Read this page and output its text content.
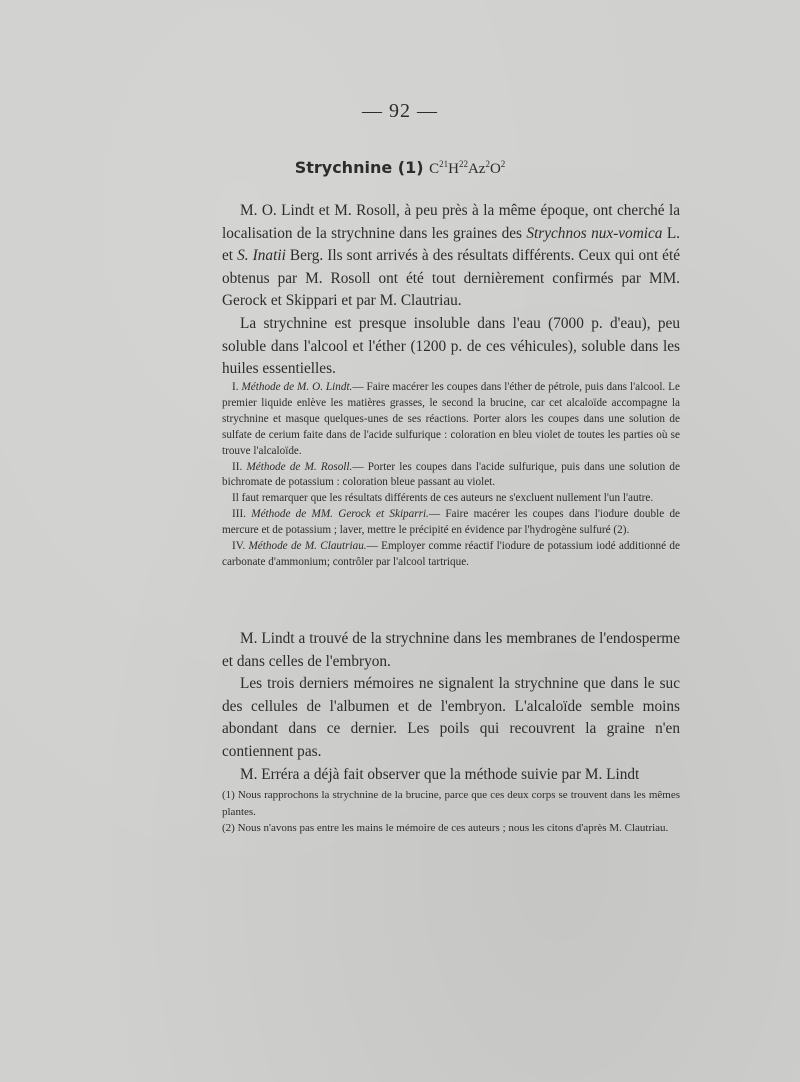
— 92 —
Strychnine (1) $C^{21}H^{22}Az^2O^2$

M. O. Lindt et M. Rosoll, à peu près à la même époque, ont cherché la localisation de la strychnine dans les graines des Strychnos nux-vomica L. et S. Inatii Berg. Ils sont arrivés à des résultats différents. Ceux qui ont été obtenus par M. Rosoll ont été tout dernièrement confirmés par MM. Gerock et Skippari et par M. Clautriau.

La strychnine est presque insoluble dans l'eau (7000 p. d'eau), peu soluble dans l'alcool et l'éther (1200 p. de ces véhicules), soluble dans les huiles essentielles.

I. Méthode de M. O. Lindt.— Faire macérer les coupes dans l'éther de pétrole, puis dans l'alcool. Le premier liquide enlève les matières grasses, le second la brucine, car cet alcaloïde accompagne la strychnine et masque quelques-unes de ses réactions. Porter alors les coupes dans une solution de sulfate de cerium faite dans de l'acide sulfurique : coloration en bleu violet de toutes les parties où se trouve l'alcaloïde.

II. Méthode de M. Rosoll.— Porter les coupes dans l'acide sulfurique, puis dans une solution de bichromate de potassium : coloration bleue passant au violet.

Il faut remarquer que les résultats différents de ces auteurs ne s'excluent nullement l'un l'autre.

III. Méthode de MM. Gerock et Skiparri.— Faire macérer les coupes dans l'iodure double de mercure et de potassium ; laver, mettre le précipité en évidence par l'hydrogène sulfuré (2).

IV. Méthode de M. Clautriau.— Employer comme réactif l'iodure de potassium iodé additionné de carbonate d'ammonium; contrôler par l'alcool tartrique.

M. Lindt a trouvé de la strychnine dans les membranes de l'endosperme et dans celles de l'embryon.

Les trois derniers mémoires ne signalent la strychnine que dans le suc des cellules de l'albumen et de l'embryon. L'alcaloïde semble moins abondant dans ce dernier. Les poils qui recouvrent la graine n'en contiennent pas.

M. Erréra a déjà fait observer que la méthode suivie par M. Lindt

(1) Nous rapprochons la strychnine de la brucine, parce que ces deux corps se trouvent dans les mêmes plantes.

(2) Nous n'avons pas entre les mains le mémoire de ces auteurs ; nous les citons d'après M. Clautriau.
